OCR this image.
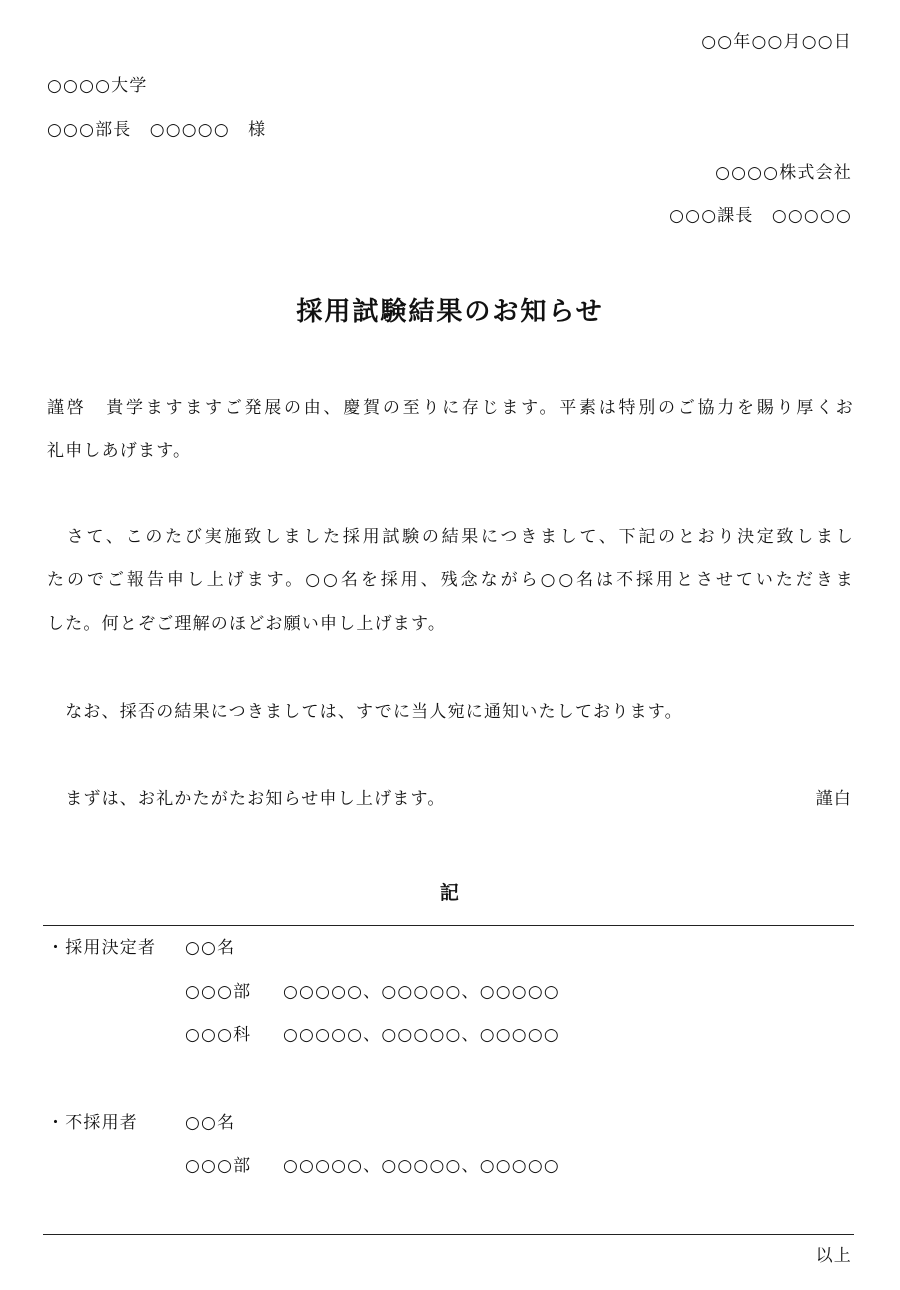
○○年○○月○○日
○○○○大学
○○○部長　○○○○○　様
○○○○株式会社
○○○課長　○○○○○
採用試験結果のお知らせ
謹啓　貴学ますますご発展の由、慶賀の至りに存じます。平素は特別のご協力を賜り厚くお
礼申しあげます。
　さて、このたび実施致しました採用試験の結果につきまして、下記のとおり決定致しまし
たのでご報告申し上げます。○○名を採用、残念ながら○○名は不採用とさせていただきま
した。何とぞご理解のほどお願い申し上げます。
　なお、採否の結果につきましては、すでに当人宛に通知いたしております。
　まずは、お礼かたがたお知らせ申し上げます。	謹白
記
・採用決定者 ○○名
○○○部 ○○○○○、○○○○○、○○○○○
○○○科 ○○○○○、○○○○○、○○○○○
・不採用者	○○名
○○○部 ○○○○○、○○○○○、○○○○○
以上
